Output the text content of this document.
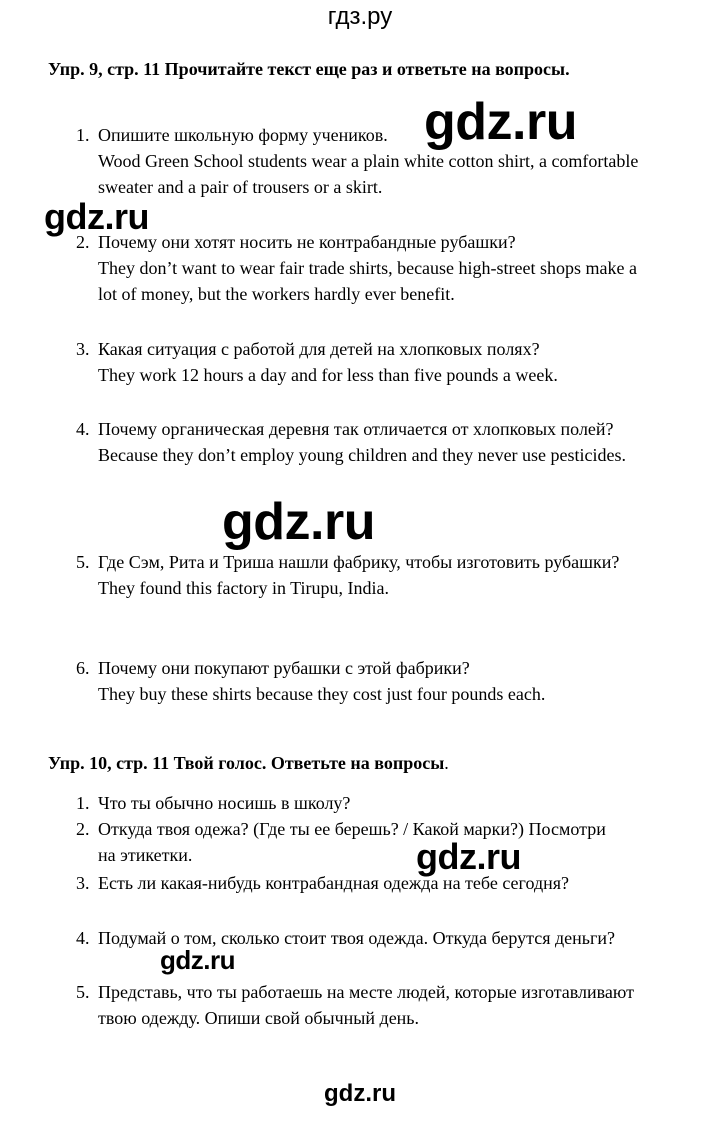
гдз.ру
Упр. 9, стр. 11 Прочитайте текст еще раз и ответьте на вопросы.
1. Опишите школьную форму учеников.
Wood Green School students wear a plain white cotton shirt, a comfortable sweater and a pair of trousers or a skirt.
2. Почему они хотят носить не контрабандные рубашки?
They don’t want to wear fair trade shirts, because high-street shops make a lot of money, but the workers hardly ever benefit.
3. Какая ситуация с работой для детей на хлопковых полях?
They work 12 hours a day and for less than five pounds a week.
4. Почему органическая деревня так отличается от хлопковых полей?
Because they don’t employ young children and they never use pesticides.
5. Где Сэм, Рита и Триша нашли фабрику, чтобы изготовить рубашки?
They found this factory in Tirupu, India.
6. Почему они покупают рубашки с этой фабрики?
They buy these shirts because they cost just four pounds each.
Упр. 10, стр. 11 Твой голос. Ответьте на вопросы.
1. Что ты обычно носишь в школу?
2. Откуда твоя одежа? (Где ты ее берешь? / Какой марки?) Посмотри на этикетки.
3. Есть ли какая-нибудь контрабандная одежда на тебе сегодня?
4. Подумай о том, сколько стоит твоя одежда. Откуда берутся деньги?
5. Представь, что ты работаешь на месте людей, которые изготавливают твою одежду. Опиши свой обычный день.
gdz.ru
gdz.ru
gdz.ru
gdz.ru
gdz.ru
gdz.ru
